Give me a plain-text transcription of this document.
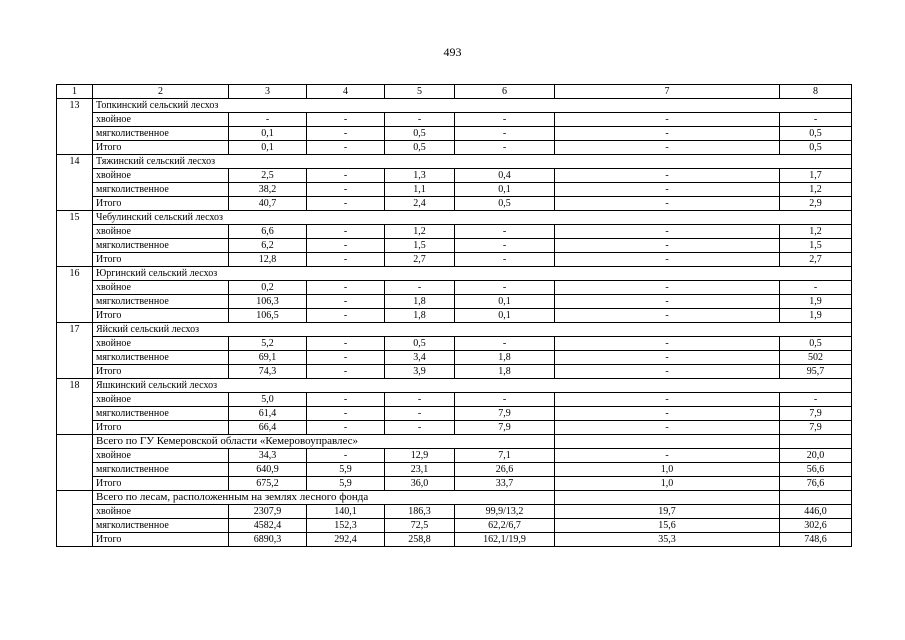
493
1	2	3	4	5	6	7	8
13	Топкинский сельский лесхоз						
	хвойное	-	-	-	-	-	-
	мягколиственное	0,1	-	0,5	-	-	0,5
	Итого	0,1	-	0,5	-	-	0,5
14	Тяжинский сельский лесхоз						
	хвойное	2,5	-	1,3	0,4	-	1,7
	мягколиственное	38,2	-	1,1	0,1	-	1,2
	Итого	40,7	-	2,4	0,5	-	2,9
15	Чебулинский сельский лесхоз						
	хвойное	6,6	-	1,2	-	-	1,2
	мягколиственное	6,2	-	1,5	-	-	1,5
	Итого	12,8	-	2,7	-	-	2,7
16	Юргинский сельский лесхоз						
	хвойное	0,2	-	-	-	-	-
	мягколиственное	106,3	-	1,8	0,1	-	1,9
	Итого	106,5	-	1,8	0,1	-	1,9
17	Яйский сельский лесхоз						
	хвойное	5,2	-	0,5	-	-	0,5
	мягколиственное	69,1	-	3,4	1,8	-	502
	Итого	74,3	-	3,9	1,8	-	95,7
18	Яшкинский сельский лесхоз						
	хвойное	5,0	-	-	-	-	-
	мягколиственное	61,4	-	-	7,9	-	7,9
	Итого	66,4	-	-	7,9	-	7,9
	Всего по ГУ Кемеровской области «Кемеровоуправлес»						
	хвойное	34,3	-	12,9	7,1	-	20,0
	мягколиственное	640,9	5,9	23,1	26,6	1,0	56,6
	Итого	675,2	5,9	36,0	33,7	1,0	76,6
	Всего по лесам, расположенным на землях лесного фонда						
	хвойное	2307,9	140,1	186,3	99,9/13,2	19,7	446,0
	мягколиственное	4582,4	152,3	72,5	62,2/6,7	15,6	302,6
	Итого	6890,3	292,4	258,8	162,1/19,9	35,3	748,6
